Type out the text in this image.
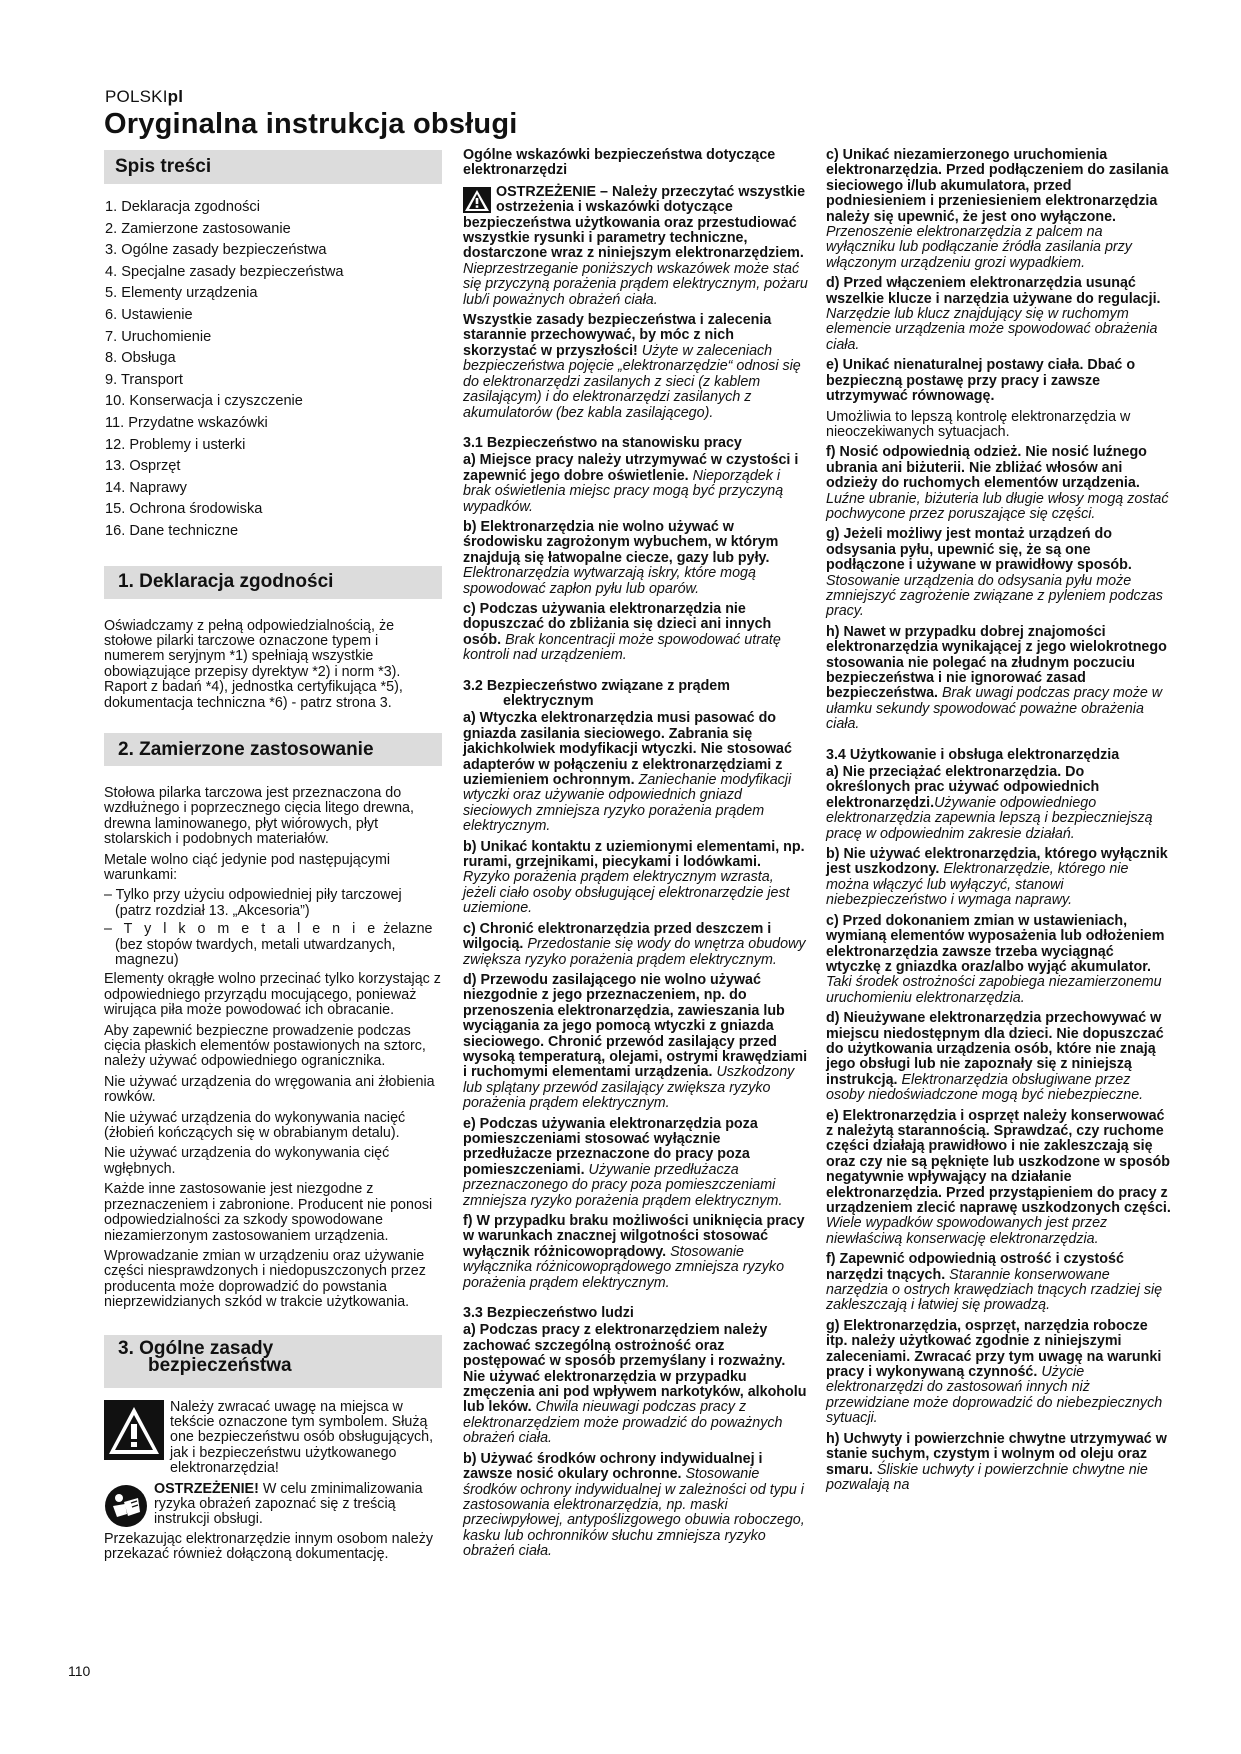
POLSKIpl
Oryginalna instrukcja obsługi
Spis treści
1. Deklaracja zgodności
2. Zamierzone zastosowanie
3. Ogólne zasady bezpieczeństwa
4. Specjalne zasady bezpieczeństwa
5. Elementy urządzenia
6. Ustawienie
7. Uruchomienie
8. Obsługa
9. Transport
10. Konserwacja i czyszczenie
11. Przydatne wskazówki
12. Problemy i usterki
13. Osprzęt
14. Naprawy
15. Ochrona środowiska
16. Dane techniczne
1. Deklaracja zgodności

Oświadczamy z pełną odpowiedzialnością, że stołowe pilarki tarczowe oznaczone typem i numerem seryjnym *1) spełniają wszystkie obowiązujące przepisy dyrektyw *2) i norm *3). Raport z badań *4), jednostka certyfikująca *5), dokumentacja techniczna *6) - patrz strona 3.

2. Zamierzone zastosowanie

Stołowa pilarka tarczowa jest przeznaczona do wzdłużnego i poprzecznego cięcia litego drewna, drewna laminowanego, płyt wiórowych, płyt stolarskich i podobnych materiałów.

Metale wolno ciąć jedynie pod następującymi warunkami:

– Tylko przy użyciu odpowiedniej piły tarczowej (patrz rozdział 13. „Akcesoria”)

– T y l k o m e t a l e n i e żelazne
(bez stopów twardych, metali utwardzanych, magnezu)

Elementy okrągłe wolno przecinać tylko korzystając z odpowiedniego przyrządu mocującego, ponieważ wirująca piła może powodować ich obracanie.

Aby zapewnić bezpieczne prowadzenie podczas cięcia płaskich elementów postawionych na sztorc, należy używać odpowiedniego ogranicznika.

Nie używać urządzenia do wręgowania ani żłobienia rowków.

Nie używać urządzenia do wykonywania nacięć (żłobień kończących się w obrabianym detalu).

Nie używać urządzenia do wykonywania cięć wgłębnych.

Każde inne zastosowanie jest niezgodne z przeznaczeniem i zabronione. Producent nie ponosi odpowiedzialności za szkody spowodowane niezamierzonym zastosowaniem urządzenia.

Wprowadzanie zmian w urządzeniu oraz używanie części niesprawdzonych i niedopuszczonych przez producenta może doprowadzić do powstania nieprzewidzianych szkód w trakcie użytkowania.

3. Ogólne zasady
bezpieczeństwa
Należy zwracać uwagę na miejsca w tekście oznaczone tym symbolem. Służą one bezpieczeństwu osób obsługujących, jak i bezpieczeństwu użytkowanego elektronarzędzia!

OSTRZEŻENIE! W celu zminimalizowania ryzyka obrażeń zapoznać się z treścią instrukcji obsługi.

Przekazując elektronarzędzie innym osobom należy przekazać również dołączoną dokumentację.

Ogólne wskazówki bezpieczeństwa dotyczące elektronarzędzi

OSTRZEŻENIE – Należy przeczytać wszystkie ostrzeżenia i wskazówki dotyczące bezpieczeństwa użytkowania oraz przestudiować wszystkie rysunki i parametry techniczne, dostarczone wraz z niniejszym elektronarzędziem. Nieprzestrzeganie poniższych wskazówek może stać się przyczyną porażenia prądem elektrycznym, pożaru lub/i poważnych obrażeń ciała.

Wszystkie zasady bezpieczeństwa i zalecenia starannie przechowywać, by móc z nich skorzystać w przyszłości! Użyte w zaleceniach bezpieczeństwa pojęcie „elektronarzędzie“ odnosi się do elektronarzędzi zasilanych z sieci (z kablem zasilającym) i do elektronarzędzi zasilanych z akumulatorów (bez kabla zasilającego).

3.1 Bezpieczeństwo na stanowisku pracy

a) Miejsce pracy należy utrzymywać w czystości i zapewnić jego dobre oświetlenie. Nieporządek i brak oświetlenia miejsc pracy mogą być przyczyną wypadków.

b) Elektronarzędzia nie wolno używać w środowisku zagrożonym wybuchem, w którym znajdują się łatwopalne ciecze, gazy lub pyły. Elektronarzędzia wytwarzają iskry, które mogą spowodować zapłon pyłu lub oparów.

c) Podczas używania elektronarzędzia nie dopuszczać do zbliżania się dzieci ani innych osób. Brak koncentracji może spowodować utratę kontroli nad urządzeniem.

3.2 Bezpieczeństwo związane z prądem elektrycznym

a) Wtyczka elektronarzędzia musi pasować do gniazda zasilania sieciowego. Zabrania się jakichkolwiek modyfikacji wtyczki. Nie stosować adapterów w połączeniu z elektronarzędziami z uziemieniem ochronnym. Zaniechanie modyfikacji wtyczki oraz używanie odpowiednich gniazd sieciowych zmniejsza ryzyko porażenia prądem elektrycznym.

b) Unikać kontaktu z uziemionymi elementami, np. rurami, grzejnikami, piecykami i lodówkami. Ryzyko porażenia prądem elektrycznym wzrasta, jeżeli ciało osoby obsługującej elektronarzędzie jest uziemione.

c) Chronić elektronarzędzia przed deszczem i wilgocią. Przedostanie się wody do wnętrza obudowy zwiększa ryzyko porażenia prądem elektrycznym.

d) Przewodu zasilającego nie wolno używać niezgodnie z jego przeznaczeniem, np. do przenoszenia elektronarzędzia, zawieszania lub wyciągania za jego pomocą wtyczki z gniazda sieciowego. Chronić przewód zasilający przed wysoką temperaturą, olejami, ostrymi krawędziami i ruchomymi elementami urządzenia. Uszkodzony lub splątany przewód zasilający zwiększa ryzyko porażenia prądem elektrycznym.

e) Podczas używania elektronarzędzia poza pomieszczeniami stosować wyłącznie przedłużacze przeznaczone do pracy poza pomieszczeniami. Używanie przedłużacza przeznaczonego do pracy poza pomieszczeniami zmniejsza ryzyko porażenia prądem elektrycznym.

f) W przypadku braku możliwości uniknięcia pracy w warunkach znacznej wilgotności stosować wyłącznik różnicowoprądowy. Stosowanie wyłącznika różnicowoprądowego zmniejsza ryzyko porażenia prądem elektrycznym.

3.3 Bezpieczeństwo ludzi

a) Podczas pracy z elektronarzędziem należy zachować szczególną ostrożność oraz postępować w sposób przemyślany i rozważny. Nie używać elektronarzędzia w przypadku zmęczenia ani pod wpływem narkotyków, alkoholu lub leków. Chwila nieuwagi podczas pracy z elektronarzędziem może prowadzić do poważnych obrażeń ciała.

b) Używać środków ochrony indywidualnej i zawsze nosić okulary ochronne. Stosowanie środków ochrony indywidualnej w zależności od typu i zastosowania elektronarzędzia, np. maski przeciwpyłowej, antypoślizgowego obuwia roboczego, kasku lub ochronników słuchu zmniejsza ryzyko obrażeń ciała.

c) Unikać niezamierzonego uruchomienia elektronarzędzia. Przed podłączeniem do zasilania sieciowego i/lub akumulatora, przed podniesieniem i przeniesieniem elektronarzędzia należy się upewnić, że jest ono wyłączone. Przenoszenie elektronarzędzia z palcem na wyłączniku lub podłączanie źródła zasilania przy włączonym urządzeniu grozi wypadkiem.

d) Przed włączeniem elektronarzędzia usunąć wszelkie klucze i narzędzia używane do regulacji. Narzędzie lub klucz znajdujący się w ruchomym elemencie urządzenia może spowodować obrażenia ciała.

e) Unikać nienaturalnej postawy ciała. Dbać o bezpieczną postawę przy pracy i zawsze utrzymywać równowagę.

Umożliwia to lepszą kontrolę elektronarzędzia w nieoczekiwanych sytuacjach.

f) Nosić odpowiednią odzież. Nie nosić luźnego ubrania ani biżuterii. Nie zbliżać włosów ani odzieży do ruchomych elementów urządzenia. Luźne ubranie, biżuteria lub długie włosy mogą zostać pochwycone przez poruszające się części.

g) Jeżeli możliwy jest montaż urządzeń do odsysania pyłu, upewnić się, że są one podłączone i używane w prawidłowy sposób. Stosowanie urządzenia do odsysania pyłu może zmniejszyć zagrożenie związane z pyleniem podczas pracy.

h) Nawet w przypadku dobrej znajomości elektronarzędzia wynikającej z jego wielokrotnego stosowania nie polegać na złudnym poczuciu bezpieczeństwa i nie ignorować zasad bezpieczeństwa. Brak uwagi podczas pracy może w ułamku sekundy spowodować poważne obrażenia ciała.

3.4 Użytkowanie i obsługa elektronarzędzia

a) Nie przeciążać elektronarzędzia. Do określonych prac używać odpowiednich elektronarzędzi.Używanie odpowiedniego elektronarzędzia zapewnia lepszą i bezpieczniejszą pracę w odpowiednim zakresie działań.

b) Nie używać elektronarzędzia, którego wyłącznik jest uszkodzony. Elektronarzędzie, którego nie można włączyć lub wyłączyć, stanowi niebezpieczeństwo i wymaga naprawy.

c) Przed dokonaniem zmian w ustawieniach, wymianą elementów wyposażenia lub odłożeniem elektronarzędzia zawsze trzeba wyciągnąć wtyczkę z gniazdka oraz/albo wyjąć akumulator. Taki środek ostrożności zapobiega niezamierzonemu uruchomieniu elektronarzędzia.

d) Nieużywane elektronarzędzia przechowywać w miejscu niedostępnym dla dzieci. Nie dopuszczać do użytkowania urządzenia osób, które nie znają jego obsługi lub nie zapoznały się z niniejszą instrukcją. Elektronarzędzia obsługiwane przez osoby niedoświadczone mogą być niebezpieczne.

e) Elektronarzędzia i osprzęt należy konserwować z należytą starannością. Sprawdzać, czy ruchome części działają prawidłowo i nie zakleszczają się oraz czy nie są pęknięte lub uszkodzone w sposób negatywnie wpływający na działanie elektronarzędzia. Przed przystąpieniem do pracy z urządzeniem zlecić naprawę uszkodzonych części. Wiele wypadków spowodowanych jest przez niewłaściwą konserwację elektronarzędzia.

f) Zapewnić odpowiednią ostrość i czystość narzędzi tnących. Starannie konserwowane narzędzia o ostrych krawędziach tnących rzadziej się zakleszczają i łatwiej się prowadzą.

g) Elektronarzędzia, osprzęt, narzędzia robocze itp. należy użytkować zgodnie z niniejszymi zaleceniami. Zwracać przy tym uwagę na warunki pracy i wykonywaną czynność. Użycie elektronarzędzi do zastosowań innych niż przewidziane może doprowadzić do niebezpiecznych sytuacji.

h) Uchwyty i powierzchnie chwytne utrzymywać w stanie suchym, czystym i wolnym od oleju oraz smaru. Śliskie uchwyty i powierzchnie chwytne nie pozwalają na

110
